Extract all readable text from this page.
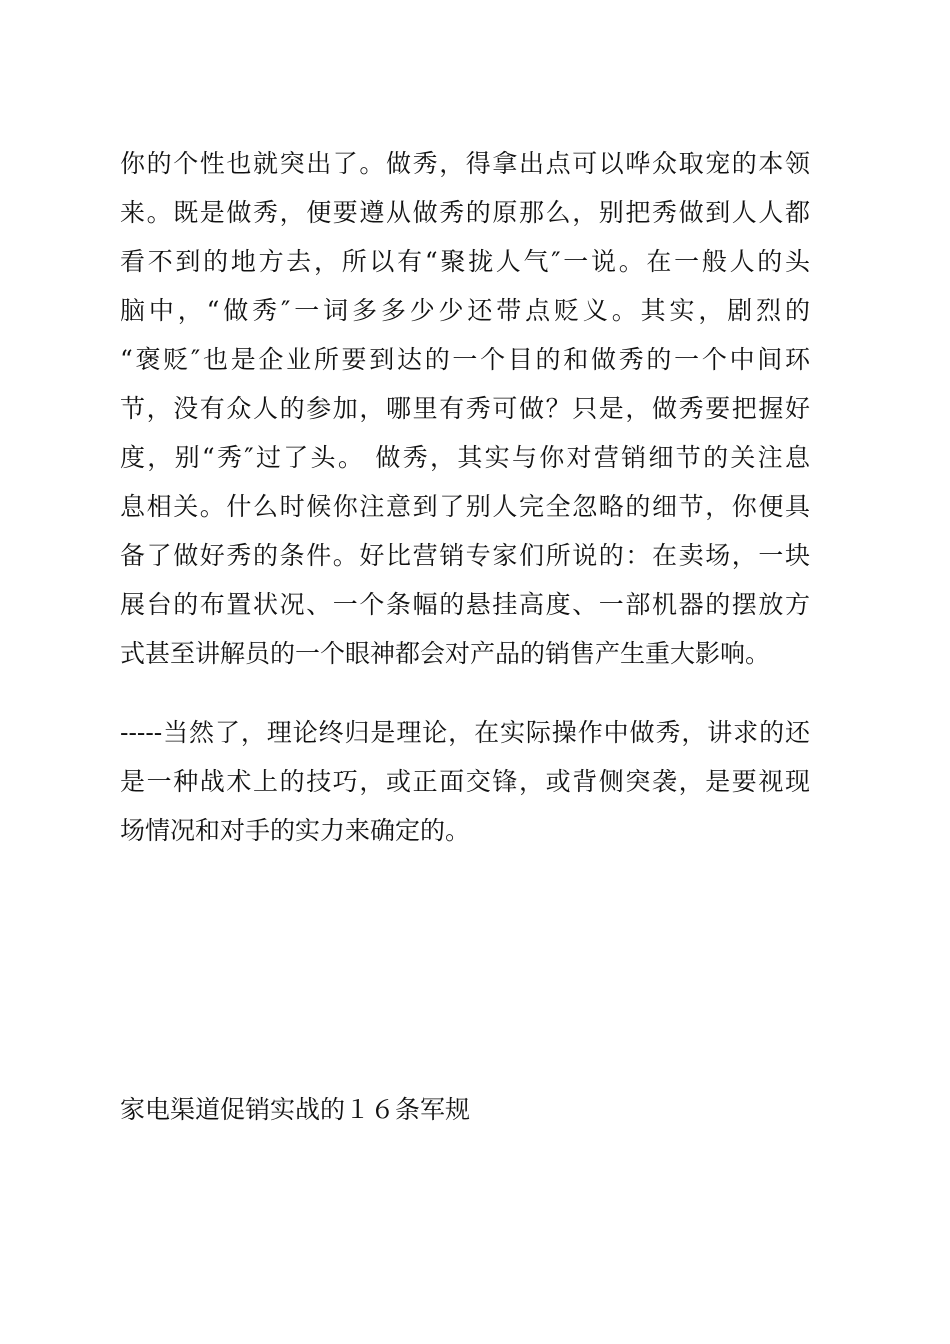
你的个性也就突出了。做秀，得拿出点可以哗众取宠的本领
来。既是做秀，便要遵从做秀的原那么，别把秀做到人人都
看不到的地方去，所以有“聚拢人气″一说。在一般人的头
脑中，“做秀″一词多多少少还带点贬义。其实，剧烈的
“褒贬″也是企业所要到达的一个目的和做秀的一个中间环
节，没有众人的参加，哪里有秀可做？只是，做秀要把握好
度，别“秀″过了头。 做秀，其实与你对营销细节的关注息
息相关。什么时候你注意到了别人完全忽略的细节，你便具
备了做好秀的条件。好比营销专家们所说的：在卖场，一块
展台的布置状况、一个条幅的悬挂高度、一部机器的摆放方
式甚至讲解员的一个眼神都会对产品的销售产生重大影响。

-----当然了，理论终归是理论，在实际操作中做秀，讲求的还
是一种战术上的技巧，或正面交锋，或背侧突袭，是要视现
场情况和对手的实力来确定的。

家电渠道促销实战的１６条军规
